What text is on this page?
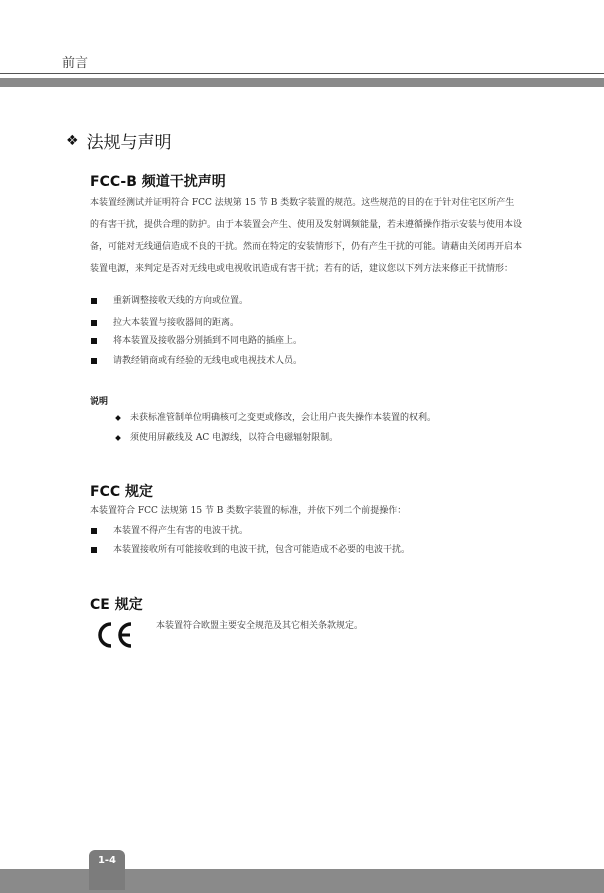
前言
❖ 法规与声明
FCC-B 频道干扰声明
本装置经测试并证明符合 FCC 法规第 15 节 B 类数字装置的规范。这些规范的目的在于针对住宅区所产生的有害干扰，提供合理的防护。由于本装置会产生、使用及发射调频能量，若未遵循操作指示安装与使用本设备，可能对无线通信造成不良的干扰。然而在特定的安装情形下，仍有产生干扰的可能。请藉由关闭再开启本装置电源，来判定是否对无线电或电视收讯造成有害干扰；若有的话，建议您以下列方法来修正干扰情形：
重新调整接收天线的方向或位置。
拉大本装置与接收器间的距离。
将本装置及接收器分别插到不同电路的插座上。
请教经销商或有经验的无线电或电视技术人员。
说明
未获标准管制单位明确核可之变更或修改，会让用户丧失操作本装置的权利。
须使用屏蔽线及 AC 电源线，以符合电磁辐射限制。
FCC 规定
本装置符合 FCC 法规第 15 节 B 类数字装置的标准，并依下列二个前提操作：
本装置不得产生有害的电波干扰。
本装置接收所有可能接收到的电波干扰，包含可能造成不必要的电波干扰。
CE 规定
本装置符合欧盟主要安全规范及其它相关条款规定。
1-4
